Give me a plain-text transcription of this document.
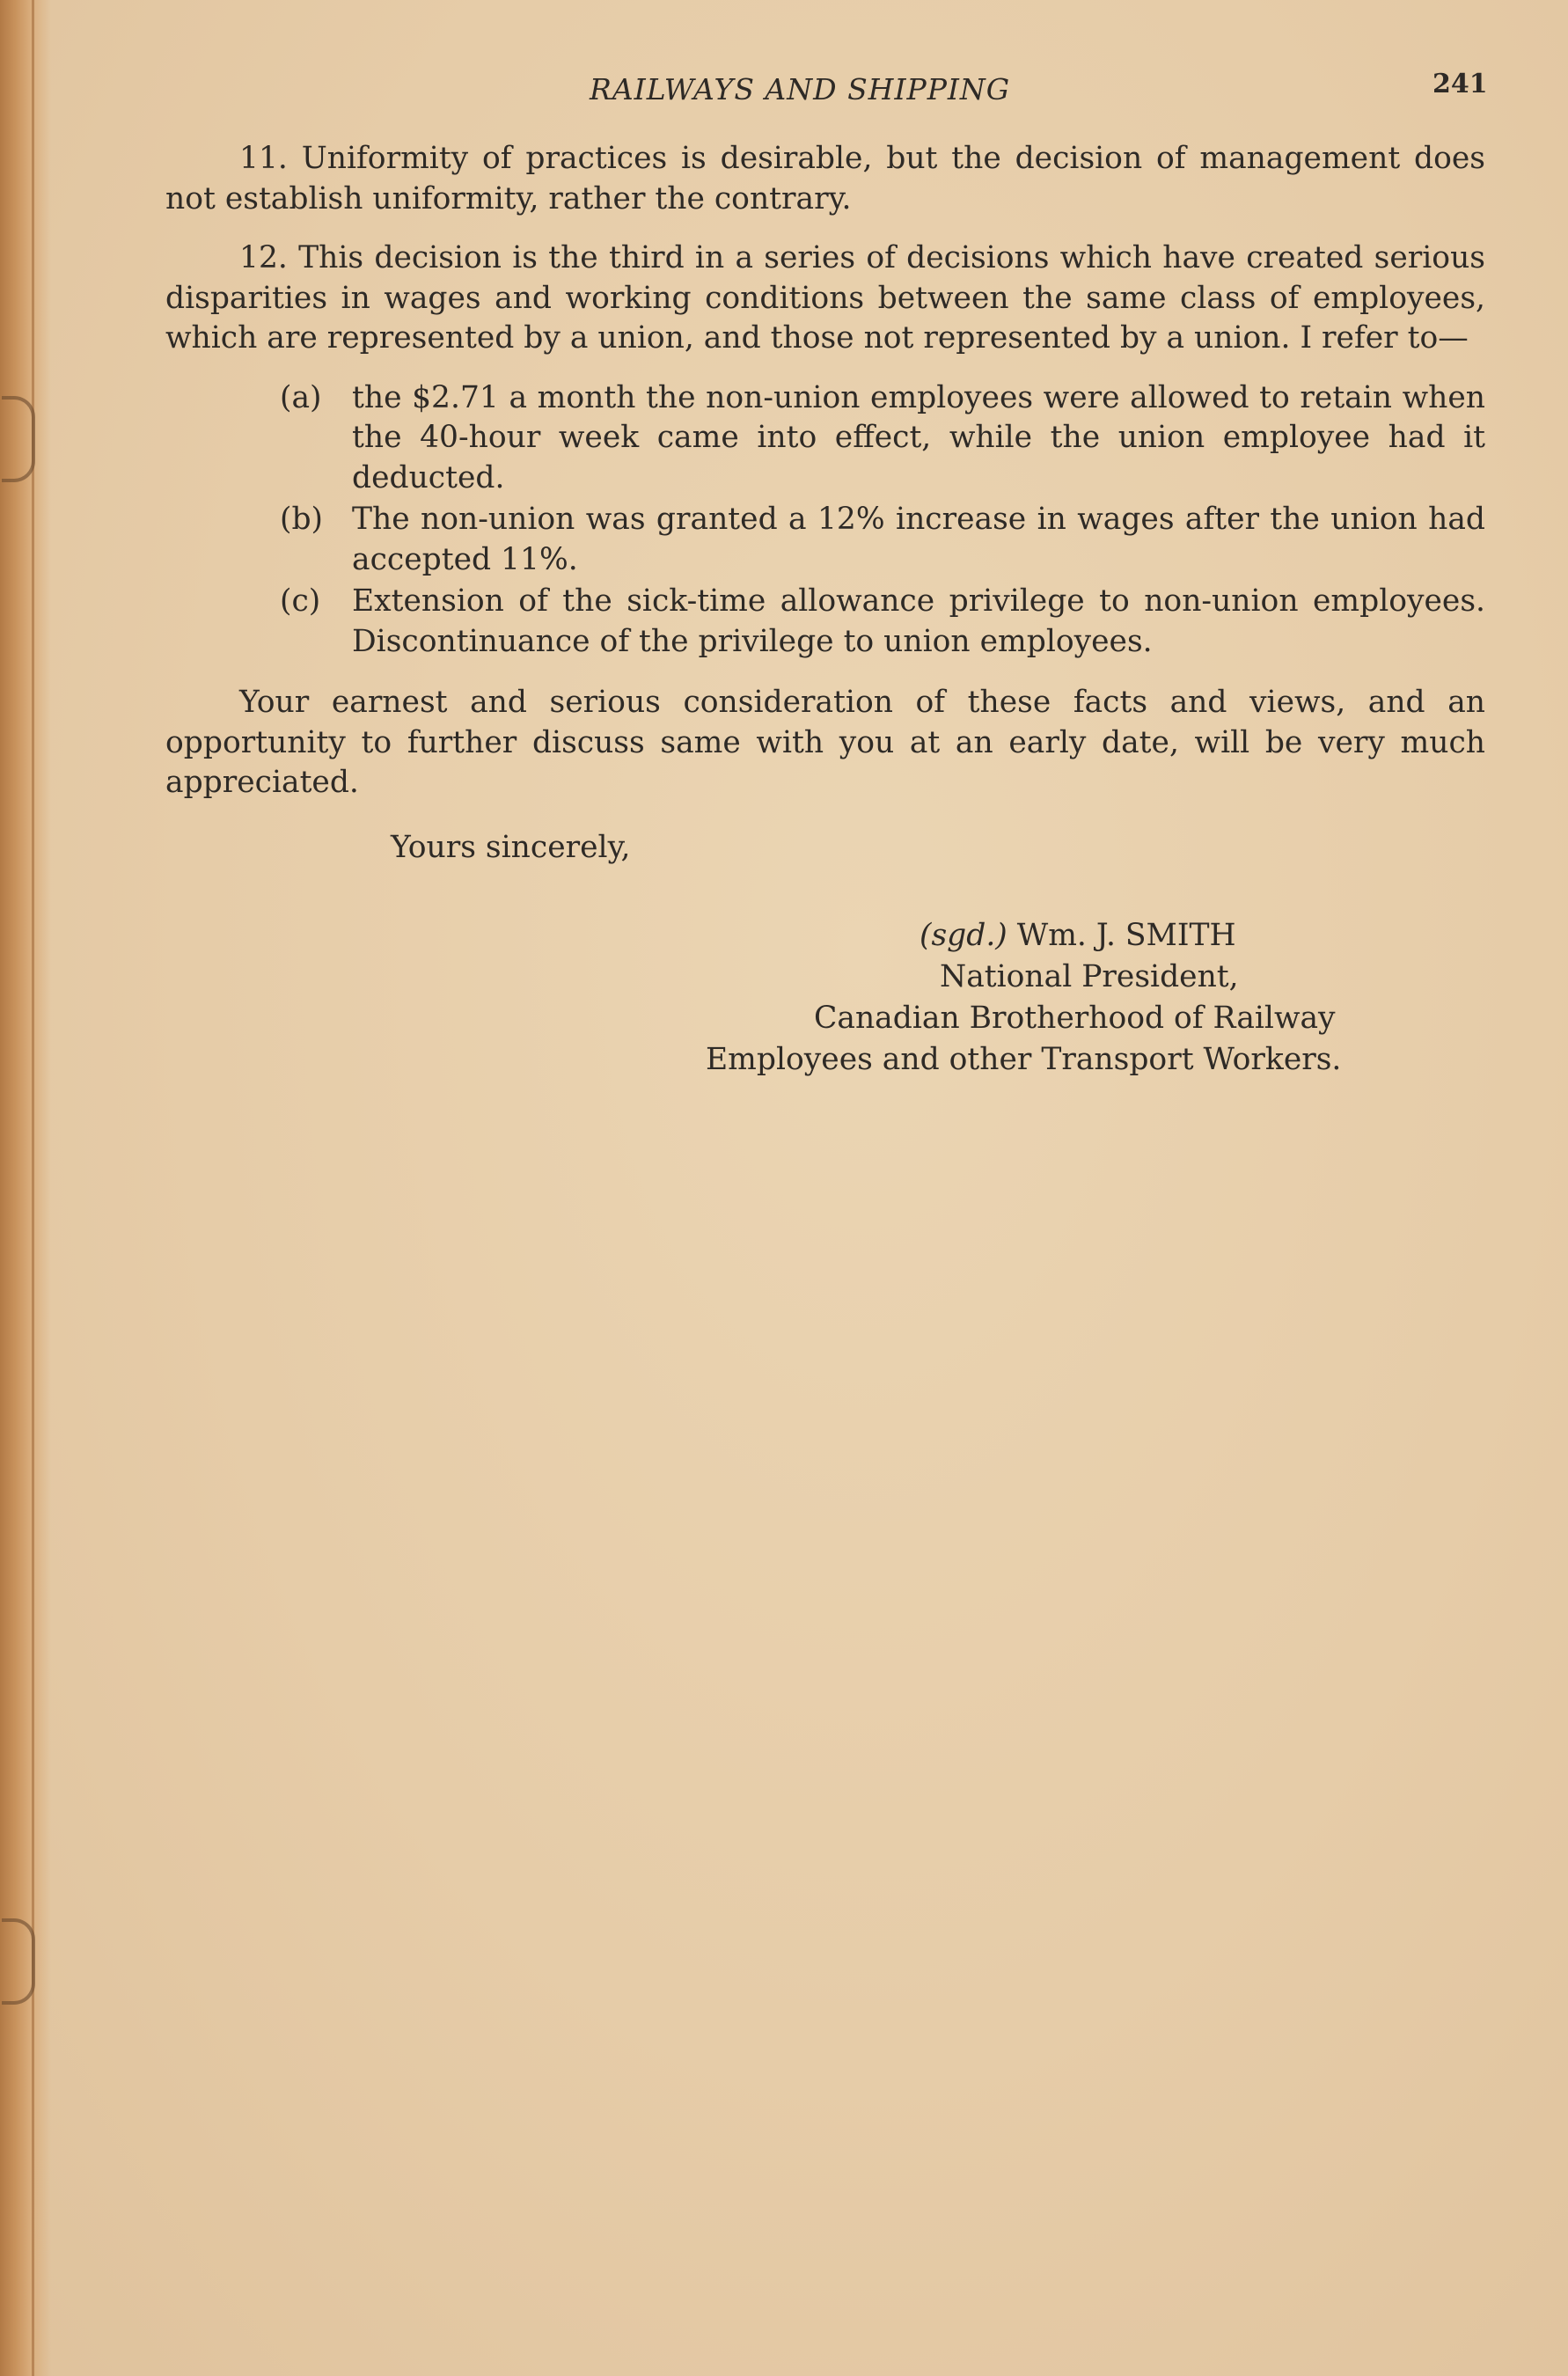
RAILWAYS AND SHIPPING	241

11. Uniformity of practices is desirable, but the decision of management does not establish uniformity, rather the contrary.

12. This decision is the third in a series of decisions which have created serious disparities in wages and working conditions between the same class of employees, which are represented by a union, and those not represented by a union. I refer to—

(a) the $2.71 a month the non-union employees were allowed to retain when the 40-hour week came into effect, while the union employee had it deducted.
(b) The non-union was granted a 12% increase in wages after the union had accepted 11%.
(c) Extension of the sick-time allowance privilege to non-union employees. Discontinuance of the privilege to union employees.

Your earnest and serious consideration of these facts and views, and an opportunity to further discuss same with you at an early date, will be very much appreciated.

Yours sincerely,

(sgd.) Wm. J. SMITH
National President,
Canadian Brotherhood of Railway
Employees and other Transport Workers.
